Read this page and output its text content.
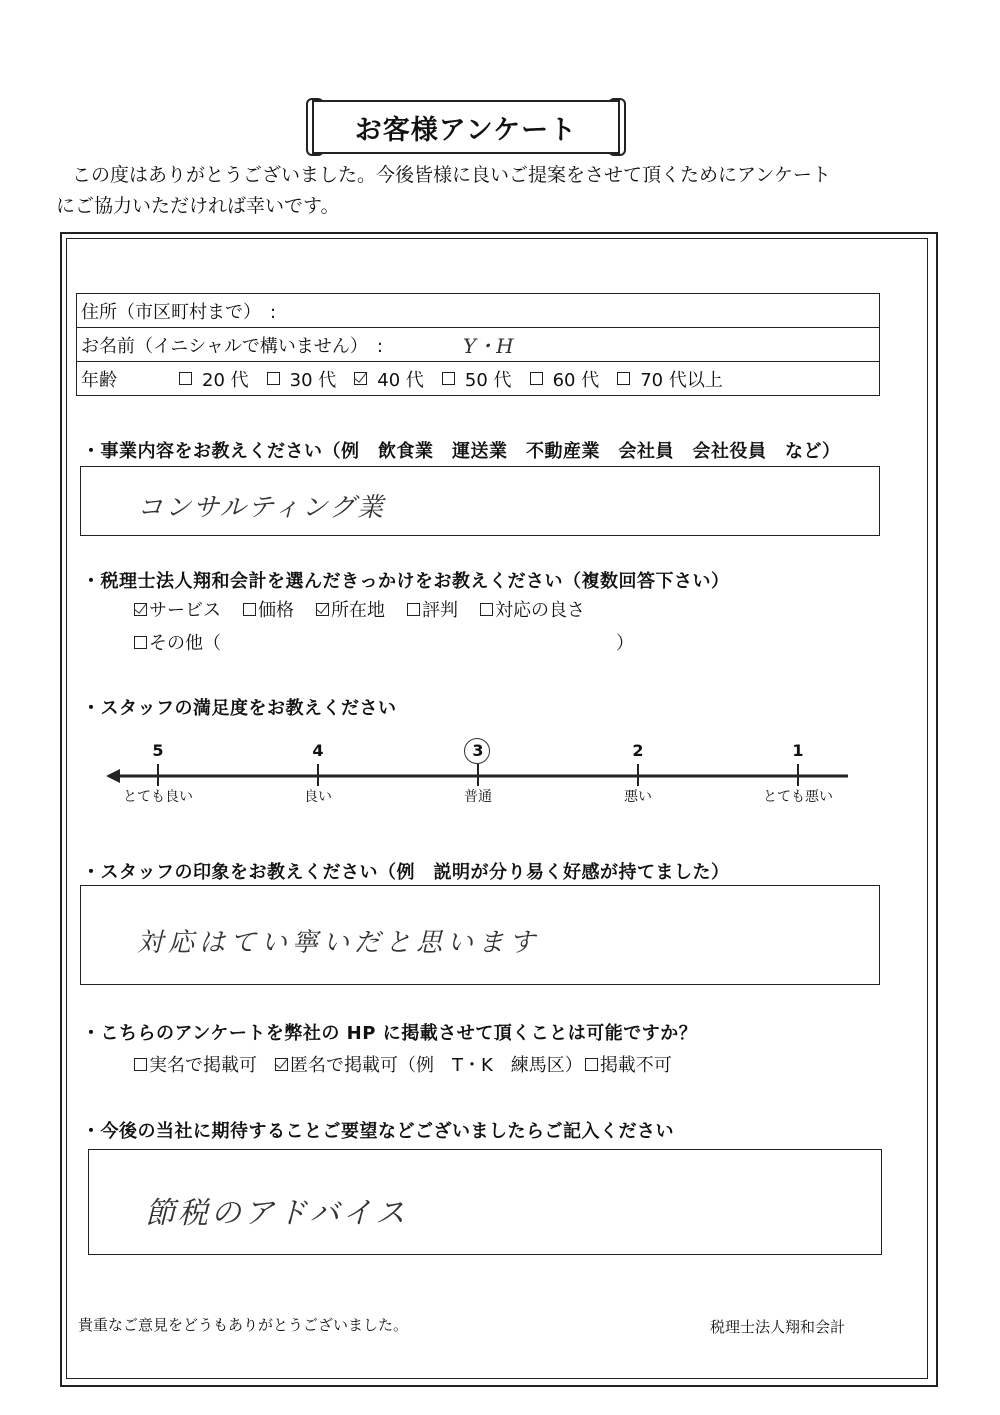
お客様アンケート
この度はありがとうございました。今後皆様に良いご提案をさせて頂くためにアンケート
にご協力いただければ幸いです。
住所（市区町村まで）　:
お名前（イニシャルで構いません）　:	Y・H
年齢	20 代 30 代 40 代 50 代 60 代 70 代以上
・事業内容をお教えください（例　飲食業　運送業　不動産業　会社員　会社役員　など）
コンサルティング業
・税理士法人翔和会計を選んだきっかけをお教えください（複数回答下さい）
サービス 価格 所在地 評判 対応の良さ
その他（	）
・スタッフの満足度をお教えください
5	4	3	2	1
とても良い	良い	普通	悪い	とても悪い
・スタッフの印象をお教えください（例　説明が分り易く好感が持てました）
対応はてい寧いだと思います
・こちらのアンケートを弊社の HP に掲載させて頂くことは可能ですか？
実名で掲載可 匿名で掲載可（例　T・K　練馬区） 掲載不可
・今後の当社に期待することご要望などございましたらご記入ください
節税のアドバイス
貴重なご意見をどうもありがとうございました。	税理士法人翔和会計
